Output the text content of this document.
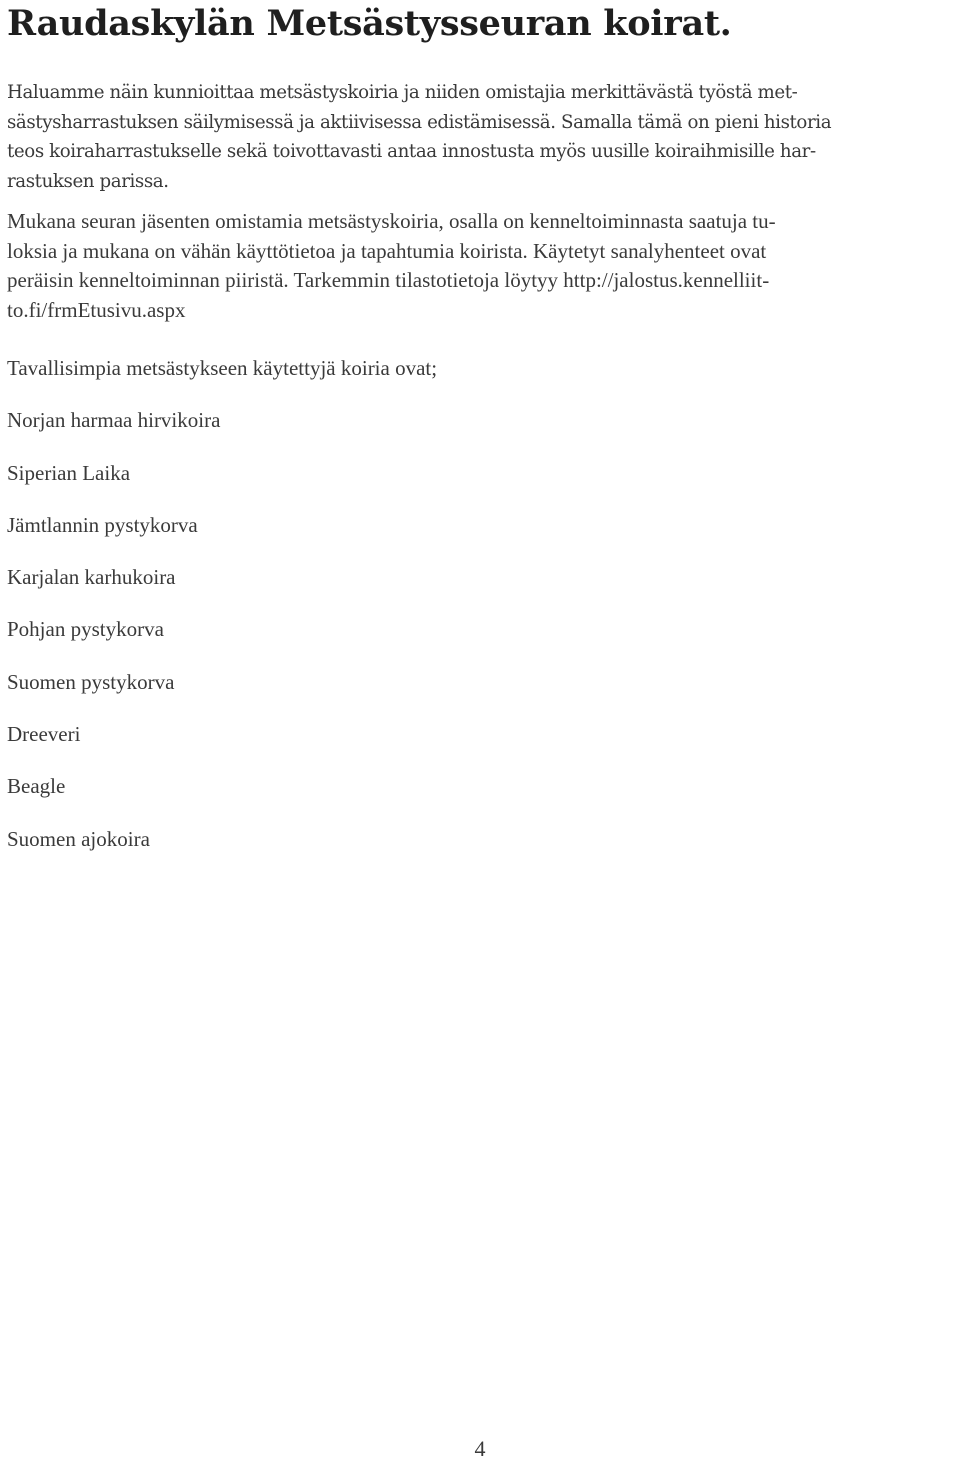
Raudaskylän Metsästysseuran koirat.

Haluamme näin kunnioittaa metsästyskoiria ja niiden omistajia merkittävästä työstä met-
sästysharrastuksen säilymisessä ja aktiivisessa edistämisessä. Samalla tämä on pieni historia
teos koiraharrastukselle sekä toivottavasti antaa innostusta myös uusille koiraihmisille har-
rastuksen parissa.

Mukana seuran jäsenten omistamia metsästyskoiria, osalla on kenneltoiminnasta saatuja tu-
loksia ja mukana on vähän käyttötietoa ja tapahtumia koirista. Käytetyt sanalyhenteet ovat
peräisin kenneltoiminnan piiristä. Tarkemmin tilastotietoja löytyy http://jalostus.kennelliit-
to.fi/frmEtusivu.aspx

Tavallisimpia metsästykseen käytettyjä koiria ovat;

Norjan harmaa hirvikoira
Siperian Laika
Jämtlannin pystykorva
Karjalan karhukoira
Pohjan pystykorva
Suomen pystykorva
Dreeveri
Beagle
Suomen ajokoira
4
